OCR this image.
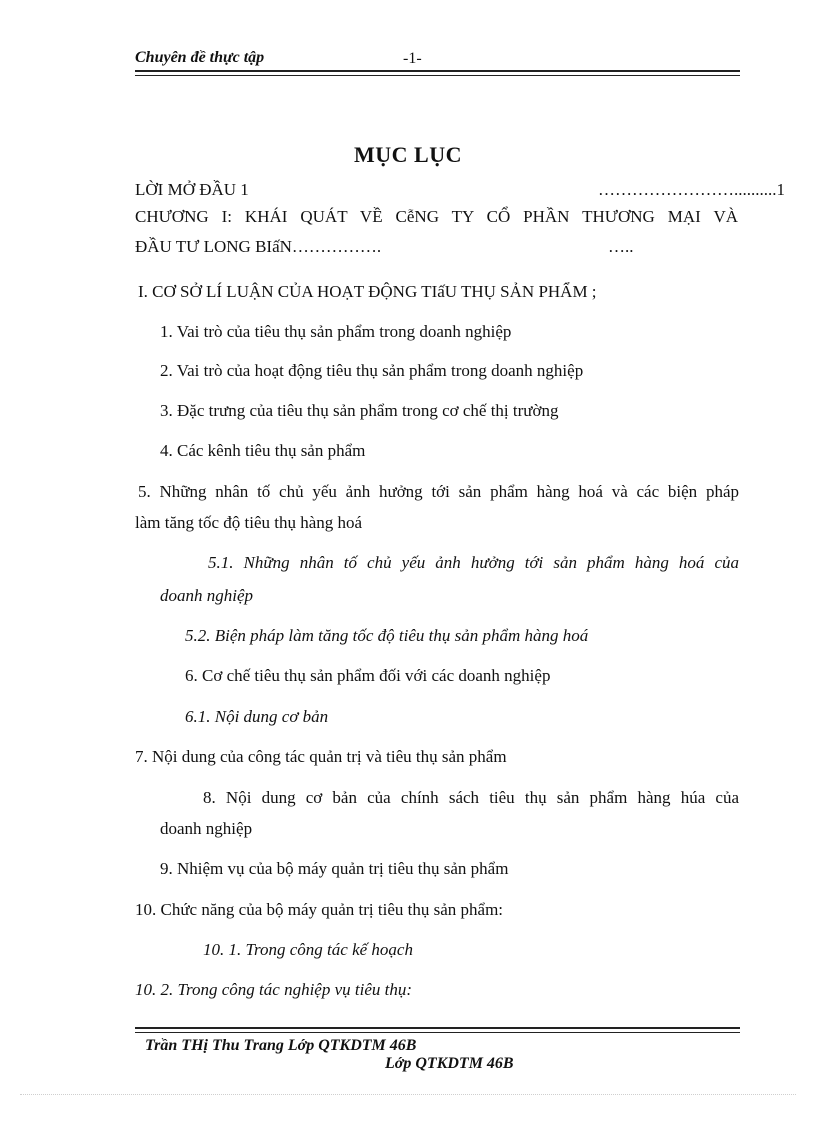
Chuyên đề thực tập	-1-
MỤC LỤC
LỜI MỞ ĐẦU 1	……………………..........1
CHƯƠNG I: KHÁI QUÁT VỀ CễNG TY CỔ PHẦN THƯƠNG MẠI VÀ
ĐẦU TƯ LONG BIấN…………….	…..
I. CƠ SỞ LÍ LUẬN CỦA HOẠT ĐỘNG TIấU THỤ SẢN PHẨM ;
1. Vai trò của tiêu thụ sản phẩm trong doanh nghiệp
2. Vai trò của hoạt động tiêu thụ sản phẩm trong doanh nghiệp
3. Đặc trưng của tiêu thụ sản phẩm trong cơ chế thị trường
4. Các kênh tiêu thụ sản phẩm
5. Những nhân tố chủ yếu ảnh hưởng tới sản phẩm hàng hoá và các biện pháp
làm tăng tốc độ tiêu thụ hàng hoá
5.1. Những nhân tố chủ yếu ảnh hưởng tới sản phẩm hàng hoá của
doanh nghiệp
5.2. Biện pháp làm tăng tốc độ tiêu thụ sản phẩm hàng hoá
6. Cơ chế tiêu thụ sản phẩm đối với các doanh nghiệp
6.1. Nội dung cơ bản
7. Nội dung của công tác quản trị và tiêu thụ sản phẩm
8. Nội dung cơ bản của chính sách tiêu thụ sản phẩm hàng húa của
doanh nghiệp
9. Nhiệm vụ của bộ máy quản trị tiêu thụ sản phẩm
10. Chức năng của bộ máy quản trị tiêu thụ sản phẩm:
10. 1. Trong công tác kế hoạch
10. 2. Trong công tác nghiệp vụ tiêu thụ:
Trần THị Thu Trang Lớp QTKDTM 46B
Lớp QTKDTM 46B
